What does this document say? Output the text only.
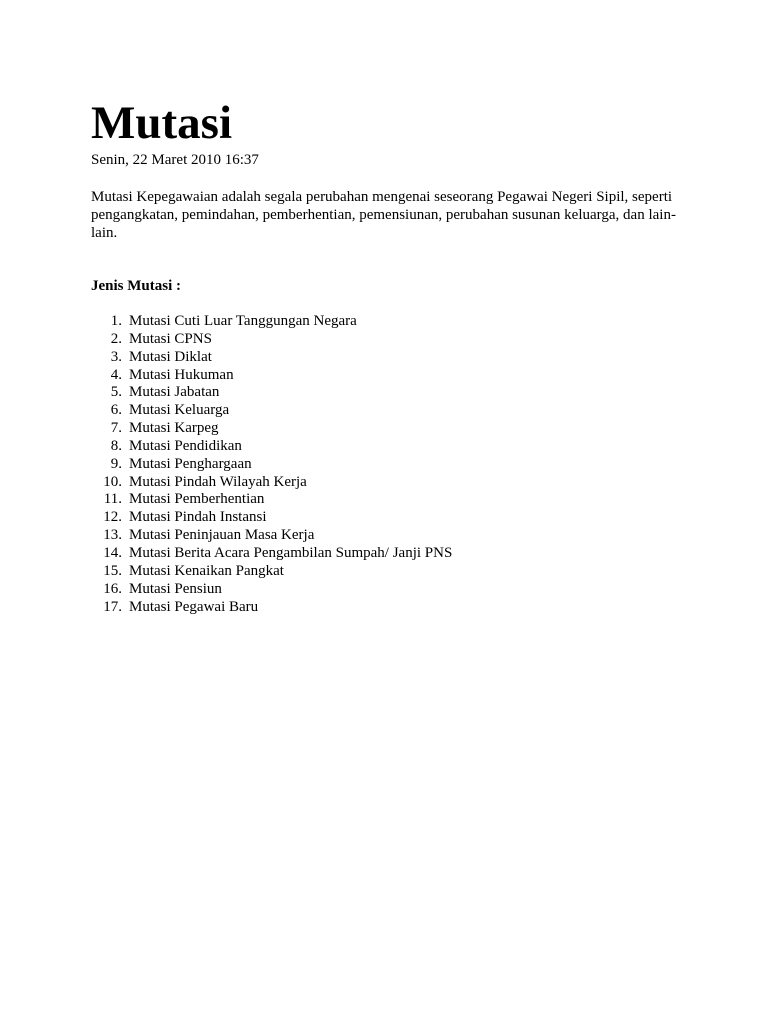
Mutasi
Senin, 22 Maret 2010 16:37

Mutasi Kepegawaian adalah segala perubahan mengenai seseorang Pegawai Negeri Sipil, seperti pengangkatan, pemindahan, pemberhentian, pemensiunan, perubahan susunan keluarga, dan lain-lain.

Jenis Mutasi :

1. Mutasi Cuti Luar Tanggungan Negara
2. Mutasi CPNS
3. Mutasi Diklat
4. Mutasi Hukuman
5. Mutasi Jabatan
6. Mutasi Keluarga
7. Mutasi Karpeg
8. Mutasi Pendidikan
9. Mutasi Penghargaan
10. Mutasi Pindah Wilayah Kerja
11. Mutasi Pemberhentian
12. Mutasi Pindah Instansi
13. Mutasi Peninjauan Masa Kerja
14. Mutasi Berita Acara Pengambilan Sumpah/ Janji PNS
15. Mutasi Kenaikan Pangkat
16. Mutasi Pensiun
17. Mutasi Pegawai Baru
